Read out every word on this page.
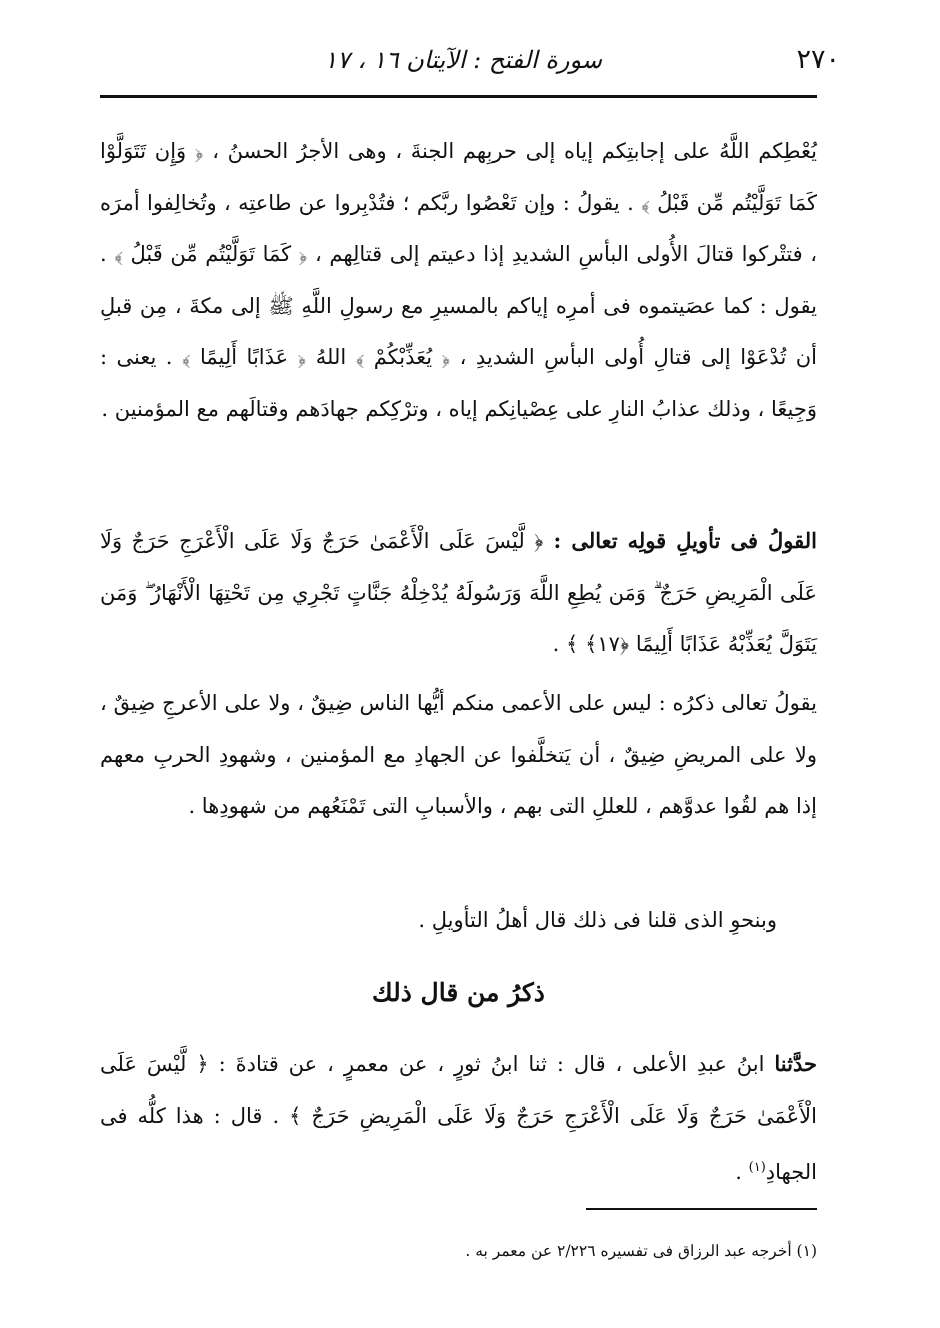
٢٧٠
سورة الفتح : الآيتان ١٦ ، ١٧

يُعْطِكم اللَّهُ على إجابتِكم إياه إلى حربِهم الجنةَ ، وهى الأجرُ الحسنُ ، ﴿ وَإِن تَتَوَلَّوْا كَمَا تَوَلَّيْتُم مِّن قَبْلُ ﴾ . يقولُ : وإن تَعْصُوا ربَّكم ؛ فتُدْبِروا عن طاعتِه ، وتُخالِفوا أمرَه ، فتتْركوا قتالَ الأُولى البأسِ الشديدِ إذا دعيتم إلى قتالِهم ، ﴿ كَمَا تَوَلَّيْتُم مِّن قَبْلُ ﴾ . يقول : كما عصَيتموه فى أمرِه إياكم بالمسيرِ مع رسولِ اللَّهِ ﷺ إلى مكةَ ، مِن قبلِ أن تُدْعَوْا إلى قتالِ أُولى البأسِ الشديدِ ، ﴿ يُعَذِّبْكُمْ ﴾ اللهُ ﴿ عَذَابًا أَلِيمًا ﴾ . يعنى : وَجِيعًا ، وذلك عذابُ النارِ على عِصْيانِكم إياه ، وترْكِكم جهادَهم وقتالَهم مع المؤمنين .

القولُ فى تأويلِ قولِه تعالى : ﴿ لَّيْسَ عَلَى الْأَعْمَىٰ حَرَجٌ وَلَا عَلَى الْأَعْرَجِ حَرَجٌ وَلَا عَلَى الْمَرِيضِ حَرَجٌ ۗ وَمَن يُطِعِ اللَّهَ وَرَسُولَهُ يُدْخِلْهُ جَنَّاتٍ تَجْرِي مِن تَحْتِهَا الْأَنْهَارُ ۖ وَمَن يَتَوَلَّ يُعَذِّبْهُ عَذَابًا أَلِيمًا ﴿١٧﴾ ﴾ .

يقولُ تعالى ذكرُه : ليس على الأعمى منكم أيُّها الناس ضِيقٌ ، ولا على الأعرجِ ضِيقٌ ، ولا على المريضِ ضِيقٌ ، أن يَتخلَّفوا عن الجهادِ مع المؤمنين ، وشهودِ الحربِ معهم إذا هم لقُوا عدوَّهم ، للعللِ التى بهم ، والأسبابِ التى تَمْنَعُهم من شهودِها .

وبنحوِ الذى قلنا فى ذلك قال أهلُ التأويلِ .

ذكرُ من قال ذلك

حدَّثنا ابنُ عبدِ الأعلى ، قال : ثنا ابنُ ثورٍ ، عن معمرٍ ، عن قتادةَ : ﴿ لَّيْسَ عَلَى الْأَعْمَىٰ حَرَجٌ وَلَا عَلَى الْأَعْرَجِ حَرَجٌ وَلَا عَلَى الْمَرِيضِ حَرَجٌ ﴾ . قال : هذا كلُّه فى الجهادِ$^{(١)}$ .

(١) أخرجه عبد الرزاق فى تفسيره ٢/٢٢٦ عن معمر به .
